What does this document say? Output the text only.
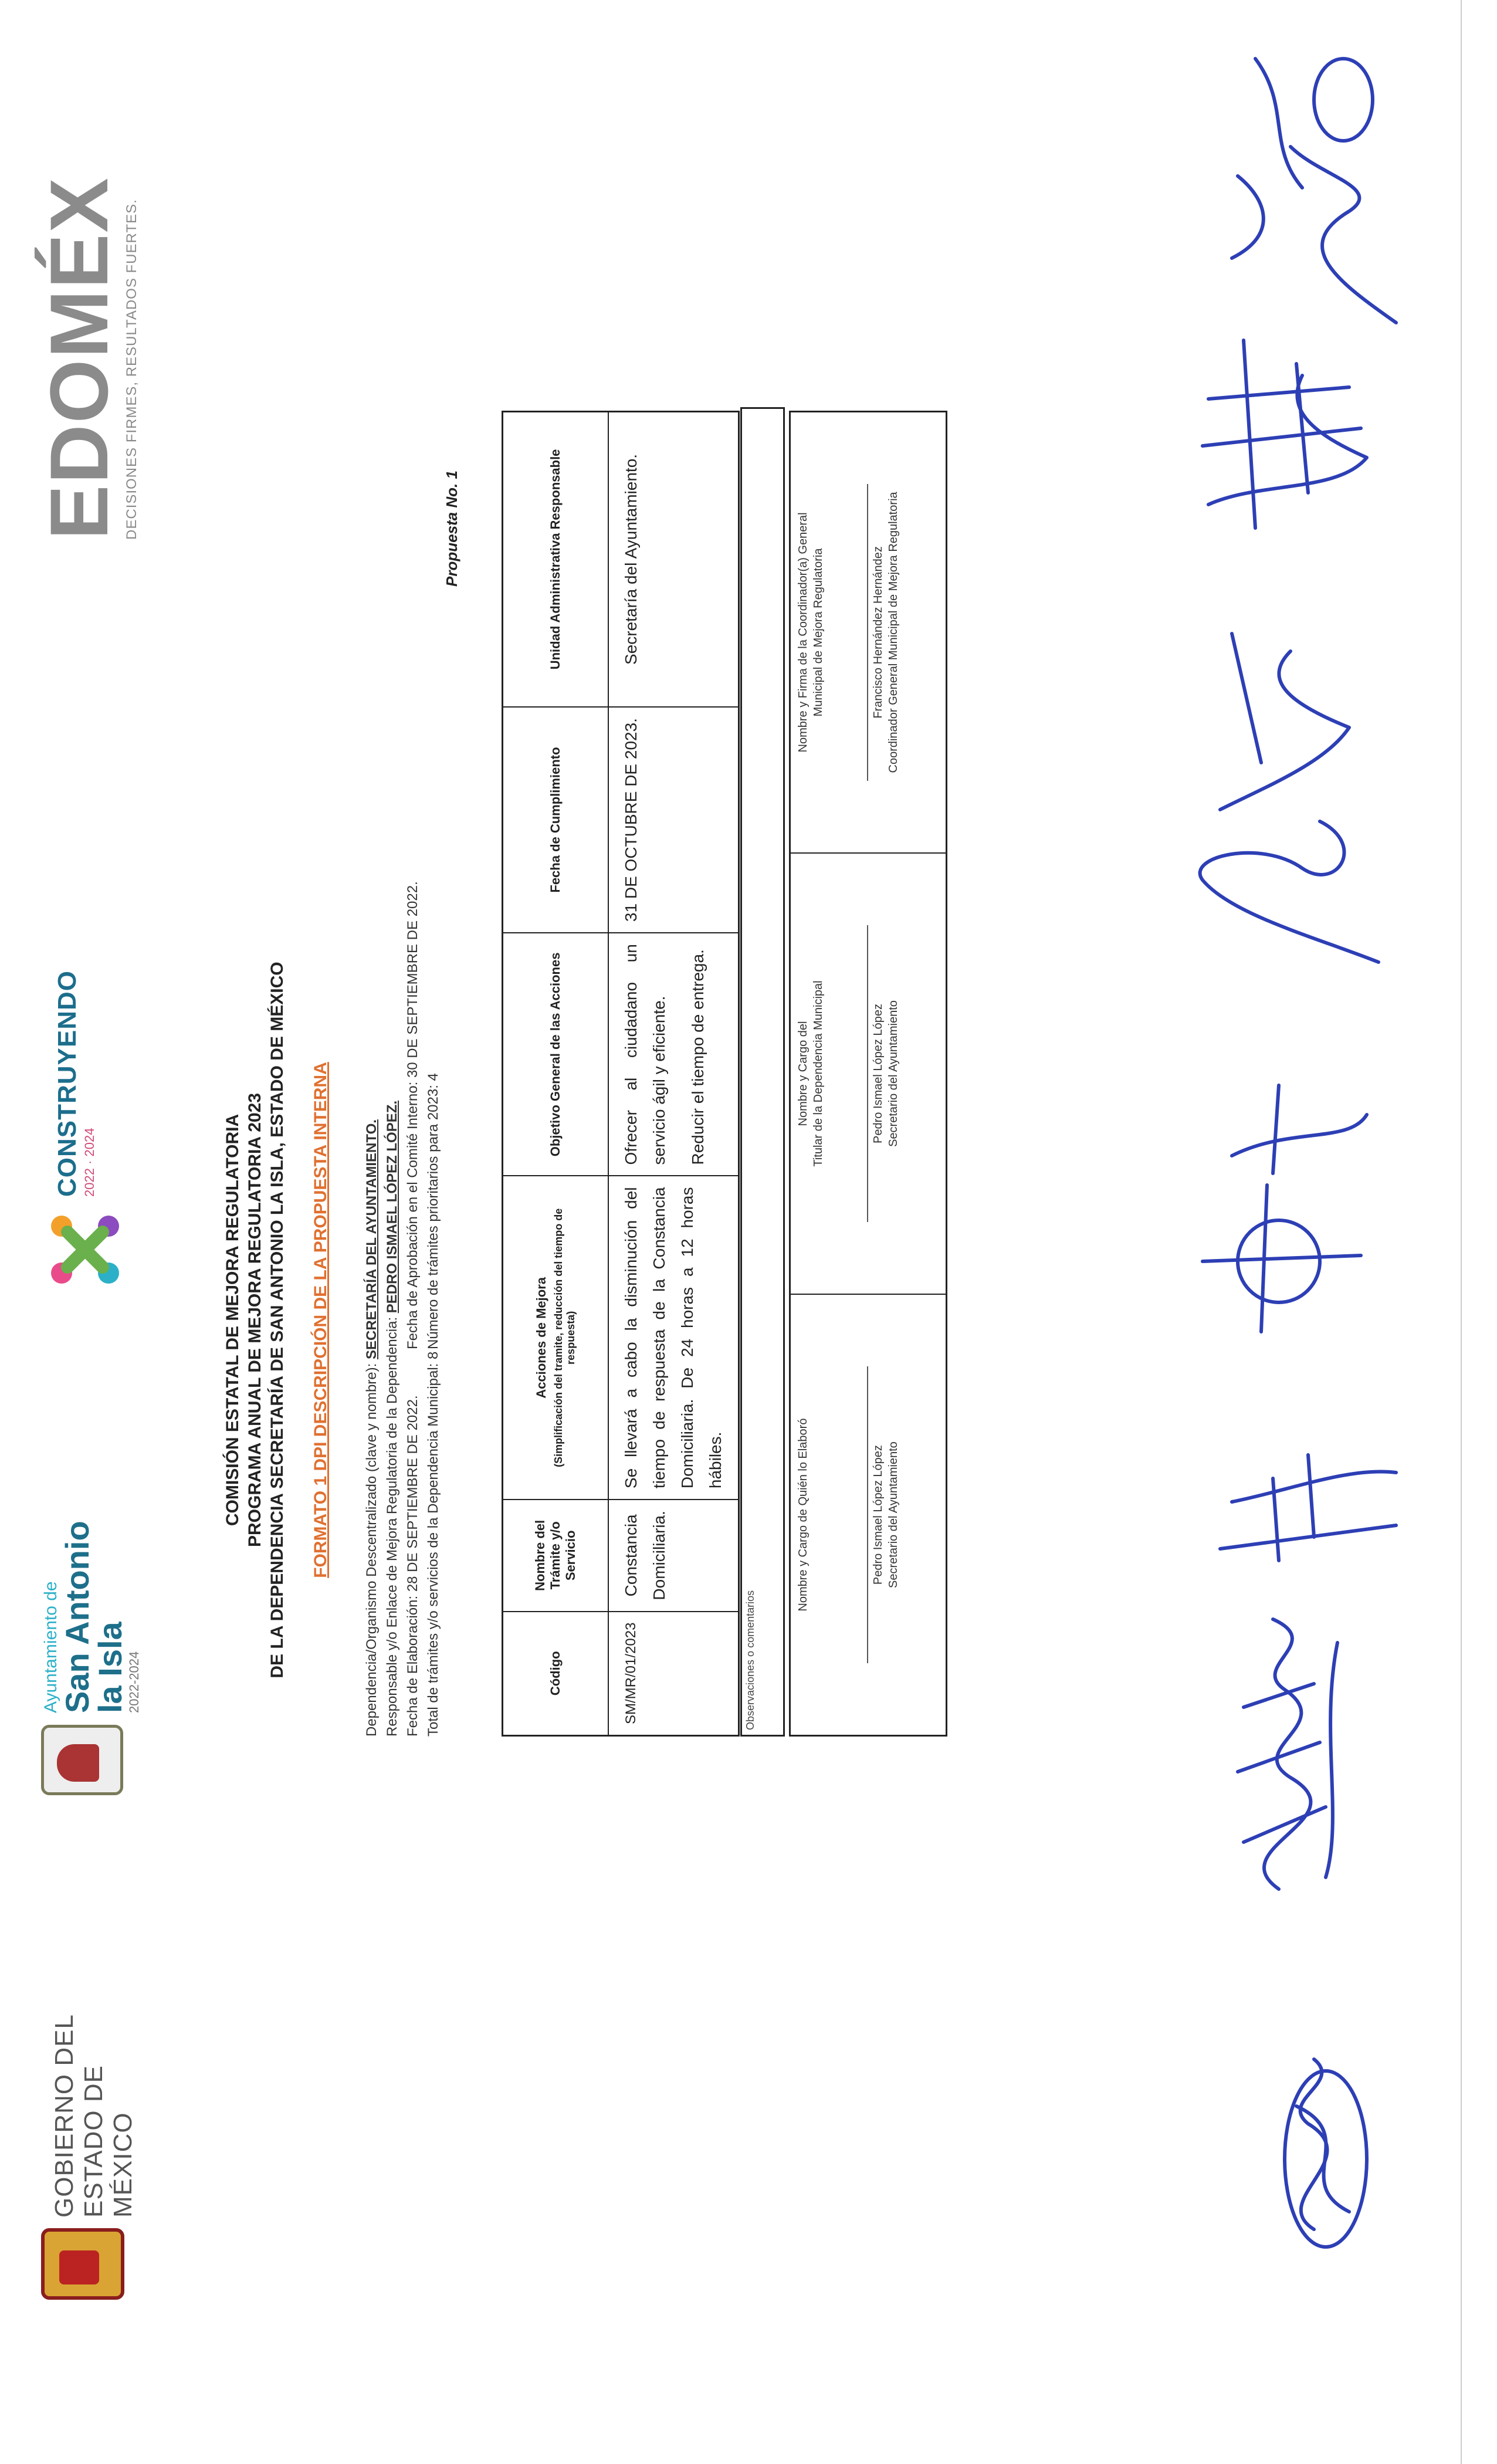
GOBIERNO DEL ESTADO DE MÉXICO
Ayuntamiento de
San Antonio
la Isla
2022-2024
CONSTRUYENDO 2022 · 2024
EDOMÉX
DECISIONES FIRMES, RESULTADOS FUERTES.
COMISIÓN ESTATAL DE MEJORA REGULATORIA PROGRAMA ANUAL DE MEJORA REGULATORIA 2023 DE LA DEPENDENCIA SECRETARÍA DE SAN ANTONIO LA ISLA, ESTADO DE MÉXICO FORMATO 1 DPI DESCRIPCIÓN DE LA PROPUESTA INTERNA Dependencia/Organismo Descentralizado (clave y nombre): SECRETARÍA DEL AYUNTAMIENTO.
Responsable y/o Enlace de Mejora Regulatoria de la Dependencia: PEDRO ISMAEL LÓPEZ LÓPEZ.
Fecha de Elaboración: 28 DE SEPTIEMBRE DE 2022.
Fecha de Aprobación en el Comité Interno: 30 DE SEPTIEMBRE DE 2022.
Total de trámites y/o servicios de la Dependencia Municipal: 8
Número de trámites prioritarios para 2023: 4
Propuesta No. 1
Código	Nombre del Trámite y/o Servicio	Acciones de Mejora (Simplificación del tramite, reducción del tiempo de respuesta)	Objetivo General de las Acciones	Fecha de Cumplimiento	Unidad Administrativa Responsable
SM/MR/01/2023	Constancia Domiciliaria.	Se llevará a cabo la disminución del tiempo de respuesta de la Constancia Domiciliaria. De 24 horas a 12 horas hábiles.	Ofrecer al ciudadano un servicio ágil y eficiente. Reducir el tiempo de entrega.	31 DE OCTUBRE DE 2023.	Secretaría del Ayuntamiento.
Observaciones o comentarios
Nombre y Cargo de Quién lo Elaboró	Pedro Ismael López López Secretario del Ayuntamiento

Nombre y Cargo del Titular de la Dependencia Municipal	Pedro Ismael López López Secretario del Ayuntamiento

Nombre y Firma de la Coordinador(a) General Municipal de Mejora Regulatoria	Francisco Hernández Hernández Coordinador General Municipal de Mejora Regulatoria
